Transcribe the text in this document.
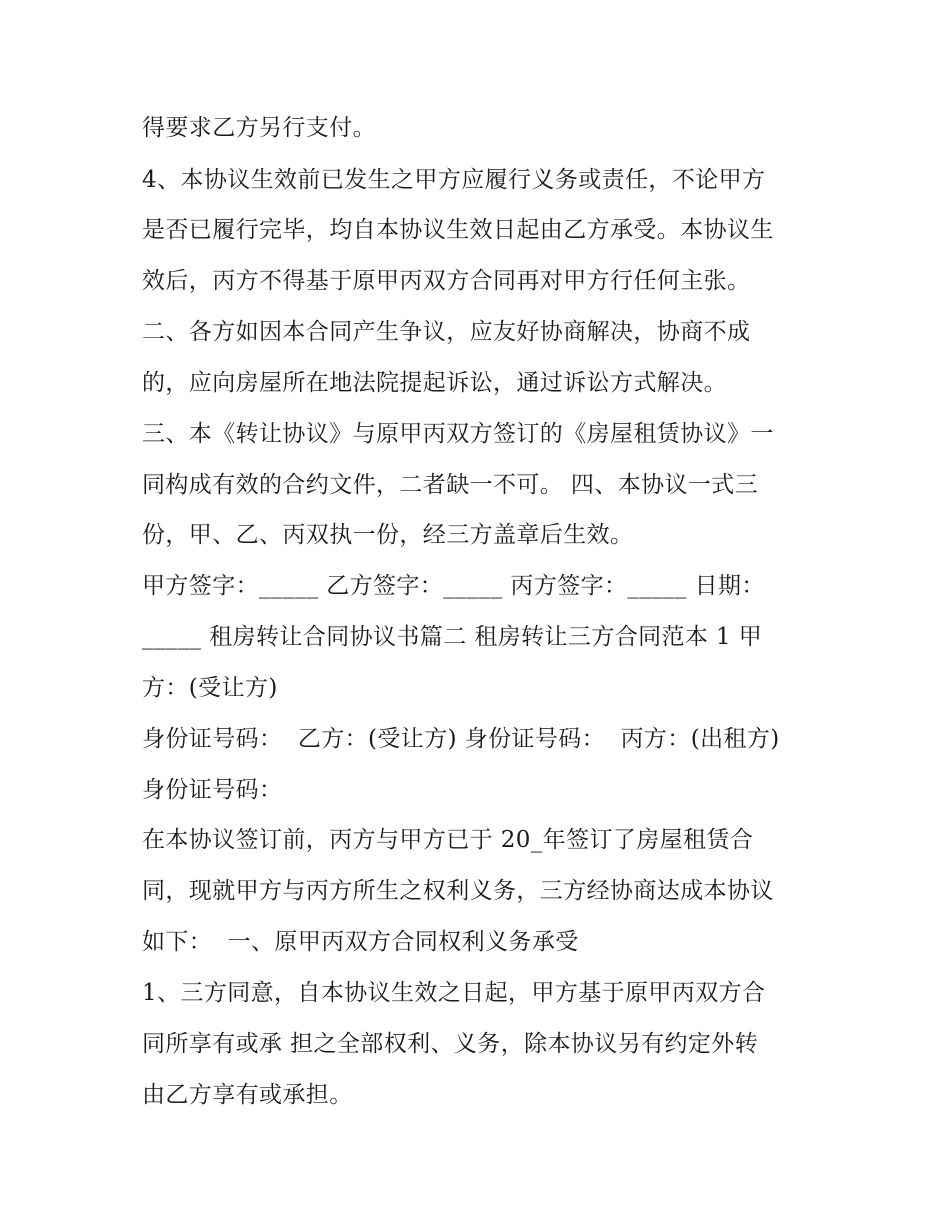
得要求乙方另行支付。
4、本协议生效前已发生之甲方应履行义务或责任，不论甲方
是否已履行完毕，均自本协议生效日起由乙方承受。本协议生
效后，丙方不得基于原甲丙双方合同再对甲方行任何主张。
二、各方如因本合同产生争议，应友好协商解决，协商不成
的，应向房屋所在地法院提起诉讼，通过诉讼方式解决。
三、本《转让协议》与原甲丙双方签订的《房屋租赁协议》一
同构成有效的合约文件，二者缺一不可。 四、本协议一式三
份，甲、乙、丙双执一份，经三方盖章后生效。
甲方签字：_____ 乙方签字：_____ 丙方签字：_____ 日期：
_____ 租房转让合同协议书篇二 租房转让三方合同范本 1 甲
方：(受让方)
身份证号码：  乙方：(受让方) 身份证号码：  丙方：(出租方)
身份证号码：
在本协议签订前，丙方与甲方已于 20_年签订了房屋租赁合
同，现就甲方与丙方所生之权利义务，三方经协商达成本协议
如下：  一、原甲丙双方合同权利义务承受
1、三方同意，自本协议生效之日起，甲方基于原甲丙双方合
同所享有或承 担之全部权利、义务，除本协议另有约定外转
由乙方享有或承担。
